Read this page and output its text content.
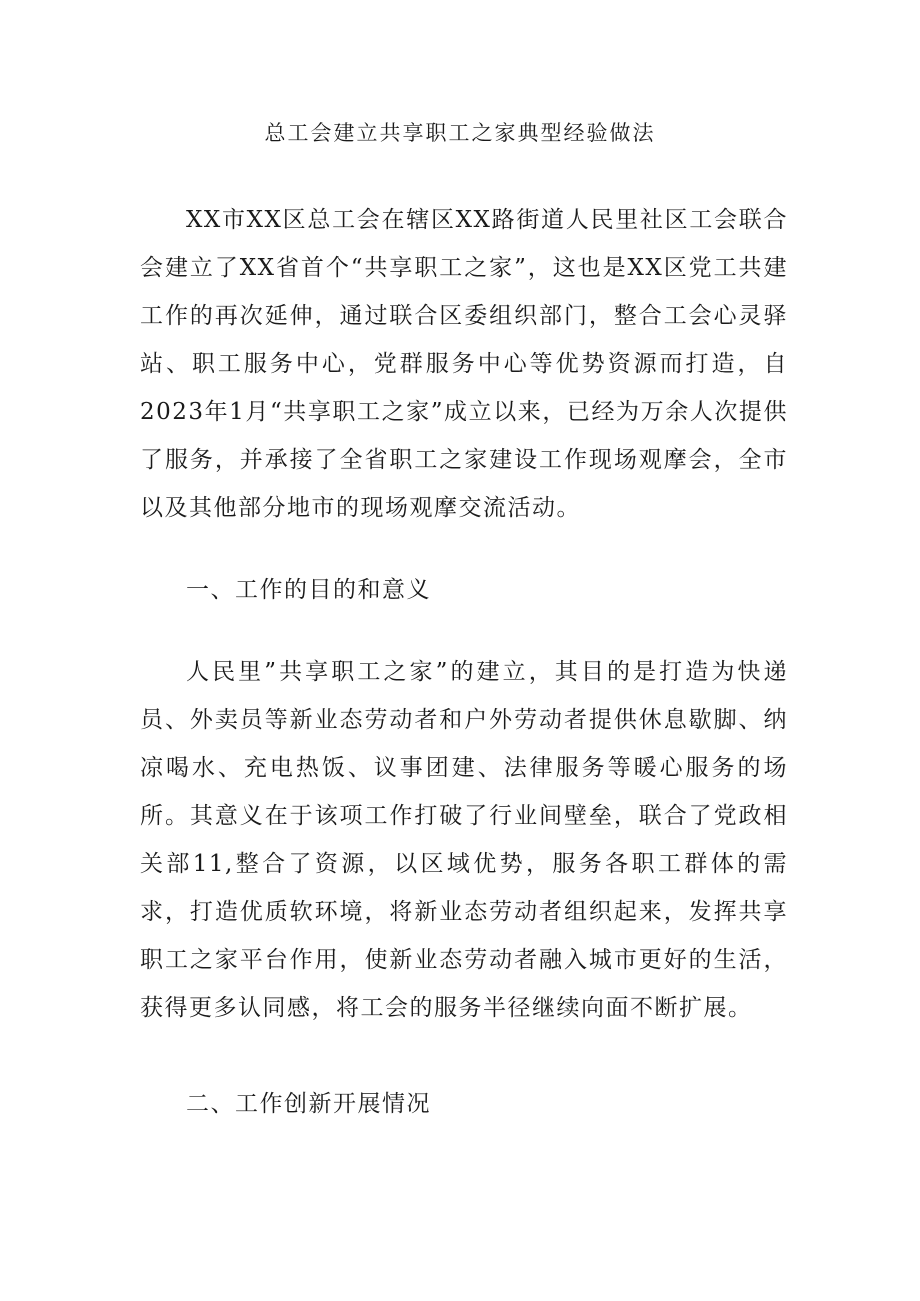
总工会建立共享职工之家典型经验做法

XX市XX区总工会在辖区XX路街道人民里社区工会联合会建立了XX省首个“共享职工之家”，这也是XX区党工共建工作的再次延伸，通过联合区委组织部门，整合工会心灵驿站、职工服务中心，党群服务中心等优势资源而打造，自2023年1月“共享职工之家”成立以来，已经为万余人次提供了服务，并承接了全省职工之家建设工作现场观摩会，全市以及其他部分地市的现场观摩交流活动。

一、工作的目的和意义

人民里”共享职工之家”的建立，其目的是打造为快递员、外卖员等新业态劳动者和户外劳动者提供休息歇脚、纳凉喝水、充电热饭、议事团建、法律服务等暖心服务的场所。其意义在于该项工作打破了行业间壁垒，联合了党政相关部11,整合了资源，以区域优势，服务各职工群体的需求，打造优质软环境，将新业态劳动者组织起来，发挥共享职工之家平台作用，使新业态劳动者融入城市更好的生活，获得更多认同感，将工会的服务半径继续向面不断扩展。

二、工作创新开展情况
